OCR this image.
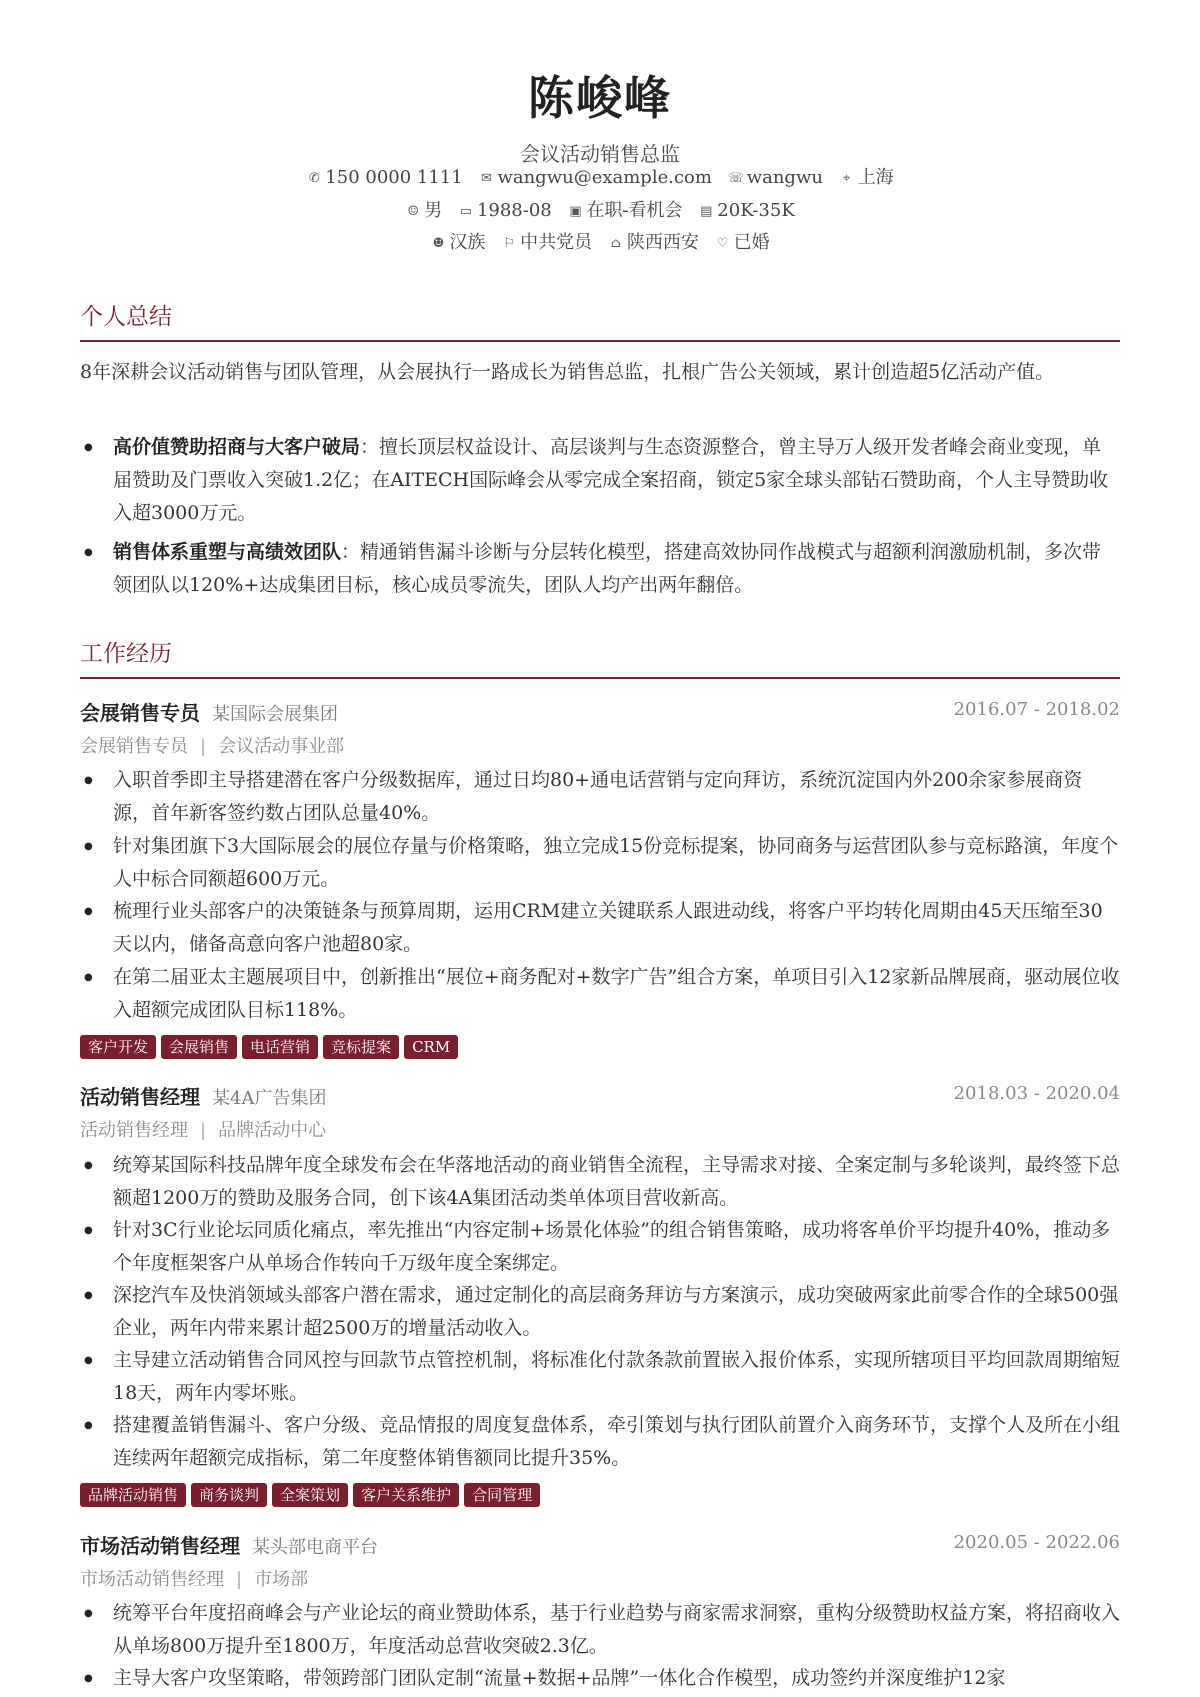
陈峻峰
会议活动销售总监
✆ 150 0000 1111 ✉ wangwu@example.com ☏ wangwu ⌖ 上海
☺ 男 ▭ 1988-08 ▣ 在职-看机会 ▤ 20K-35K
☻ 汉族 ⚐ 中共党员 ⌂ 陕西西安 ♡ 已婚
个人总结
8年深耕会议活动销售与团队管理，从会展执行一路成长为销售总监，扎根广告公关领域，累计创造超5亿活动产值。
● 高价值赞助招商与大客户破局：擅长顶层权益设计、高层谈判与生态资源整合，曾主导万人级开发者峰会商业变现，单届赞助及门票收入突破1.2亿；在AITECH国际峰会从零完成全案招商，锁定5家全球头部钻石赞助商，个人主导赞助收入超3000万元。
● 销售体系重塑与高绩效团队：精通销售漏斗诊断与分层转化模型，搭建高效协同作战模式与超额利润激励机制，多次带领团队以120%+达成集团目标，核心成员零流失，团队人均产出两年翻倍。
工作经历
会展销售专员 某国际会展集团	2016.07 - 2018.02
会展销售专员 | 会议活动事业部
● 入职首季即主导搭建潜在客户分级数据库，通过日均80+通电话营销与定向拜访，系统沉淀国内外200余家参展商资源，首年新客签约数占团队总量40%。
● 针对集团旗下3大国际展会的展位存量与价格策略，独立完成15份竞标提案，协同商务与运营团队参与竞标路演，年度个人中标合同额超600万元。
● 梳理行业头部客户的决策链条与预算周期，运用CRM建立关键联系人跟进动线，将客户平均转化周期由45天压缩至30天以内，储备高意向客户池超80家。
● 在第二届亚太主题展项目中，创新推出“展位+商务配对+数字广告”组合方案，单项目引入12家新品牌展商，驱动展位收入超额完成团队目标118%。
客户开发 会展销售 电话营销 竞标提案 CRM
活动销售经理 某4A广告集团	2018.03 - 2020.04
活动销售经理 | 品牌活动中心
● 统筹某国际科技品牌年度全球发布会在华落地活动的商业销售全流程，主导需求对接、全案定制与多轮谈判，最终签下总额超1200万的赞助及服务合同，创下该4A集团活动类单体项目营收新高。
● 针对3C行业论坛同质化痛点，率先推出“内容定制+场景化体验”的组合销售策略，成功将客单价平均提升40%，推动多个年度框架客户从单场合作转向千万级年度全案绑定。
● 深挖汽车及快消领域头部客户潜在需求，通过定制化的高层商务拜访与方案演示，成功突破两家此前零合作的全球500强企业，两年内带来累计超2500万的增量活动收入。
● 主导建立活动销售合同风控与回款节点管控机制，将标准化付款条款前置嵌入报价体系，实现所辖项目平均回款周期缩短18天，两年内零坏账。
● 搭建覆盖销售漏斗、客户分级、竞品情报的周度复盘体系，牵引策划与执行团队前置介入商务环节，支撑个人及所在小组连续两年超额完成指标，第二年度整体销售额同比提升35%。
品牌活动销售 商务谈判 全案策划 客户关系维护 合同管理
市场活动销售经理 某头部电商平台	2020.05 - 2022.06
市场活动销售经理 | 市场部
● 统筹平台年度招商峰会与产业论坛的商业赞助体系，基于行业趋势与商家需求洞察，重构分级赞助权益方案，将招商收入从单场800万提升至1800万，年度活动总营收突破2.3亿。
● 主导大客户攻坚策略，带领跨部门团队定制“流量+数据+品牌”一体化合作模型，成功签约并深度维护12家
